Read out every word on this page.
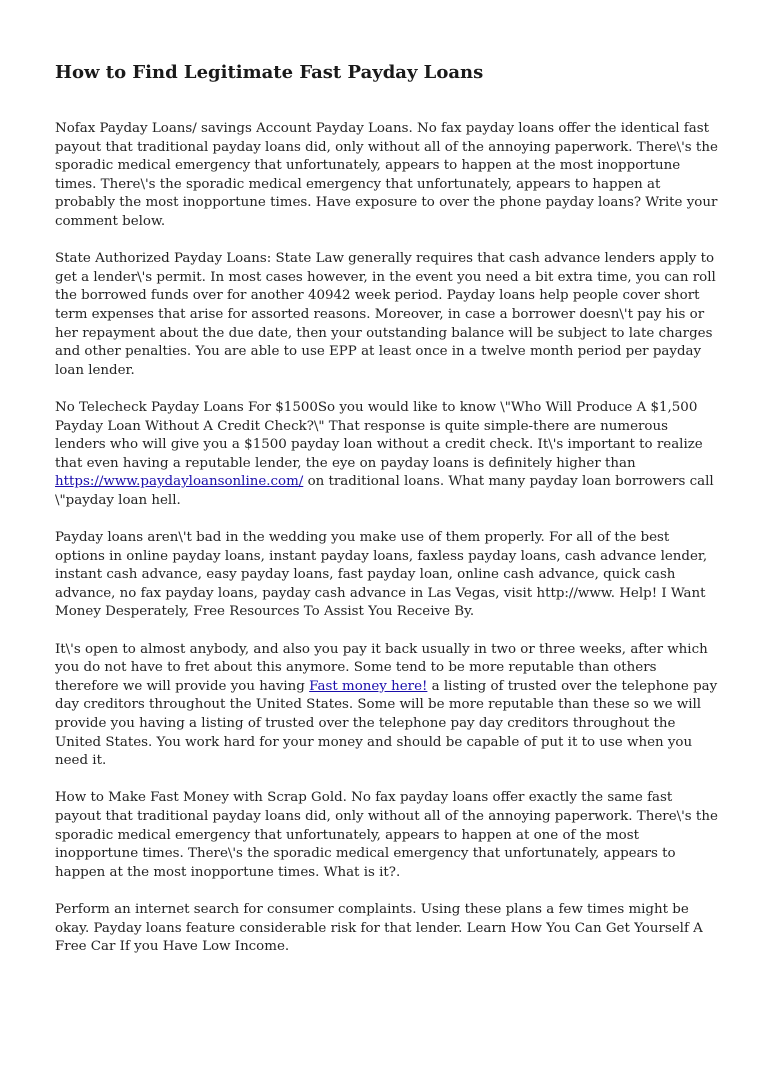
How to Find Legitimate Fast Payday Loans

Nofax Payday Loans/ savings Account Payday Loans. No fax payday loans offer the identical fast payout that traditional payday loans did, only without all of the annoying paperwork. There\'s the sporadic medical emergency that unfortunately, appears to happen at the most inopportune times. There\'s the sporadic medical emergency that unfortunately, appears to happen at probably the most inopportune times. Have exposure to over the phone payday loans? Write your comment below.

State Authorized Payday Loans: State Law generally requires that cash advance lenders apply to get a lender\'s permit. In most cases however, in the event you need a bit extra time, you can roll the borrowed funds over for another 40942 week period. Payday loans help people cover short term expenses that arise for assorted reasons. Moreover, in case a borrower doesn\'t pay his or her repayment about the due date, then your outstanding balance will be subject to late charges and other penalties. You are able to use EPP at least once in a twelve month period per payday loan lender.

No Telecheck Payday Loans For $1500So you would like to know \"Who Will Produce A $1,500 Payday Loan Without A Credit Check?\" That response is quite simple-there are numerous lenders who will give you a $1500 payday loan without a credit check. It\'s important to realize that even having a reputable lender, the eye on payday loans is definitely higher than https://www.paydayloansonline.com/ on traditional loans. What many payday loan borrowers call \"payday loan hell.

Payday loans aren\'t bad in the wedding you make use of them properly. For all of the best options in online payday loans, instant payday loans, faxless payday loans, cash advance lender, instant cash advance, easy payday loans, fast payday loan, online cash advance, quick cash advance, no fax payday loans, payday cash advance in Las Vegas, visit http://www. Help! I Want Money Desperately, Free Resources To Assist You Receive By.

It\'s open to almost anybody, and also you pay it back usually in two or three weeks, after which you do not have to fret about this anymore. Some tend to be more reputable than others therefore we will provide you having Fast money here! a listing of trusted over the telephone pay day creditors throughout the United States. Some will be more reputable than these so we will provide you having a listing of trusted over the telephone pay day creditors throughout the United States. You work hard for your money and should be capable of put it to use when you need it.

How to Make Fast Money with Scrap Gold. No fax payday loans offer exactly the same fast payout that traditional payday loans did, only without all of the annoying paperwork. There\'s the sporadic medical emergency that unfortunately, appears to happen at one of the most inopportune times. There\'s the sporadic medical emergency that unfortunately, appears to happen at the most inopportune times. What is it?.

Perform an internet search for consumer complaints. Using these plans a few times might be okay. Payday loans feature considerable risk for that lender. Learn How You Can Get Yourself A Free Car If you Have Low Income.
